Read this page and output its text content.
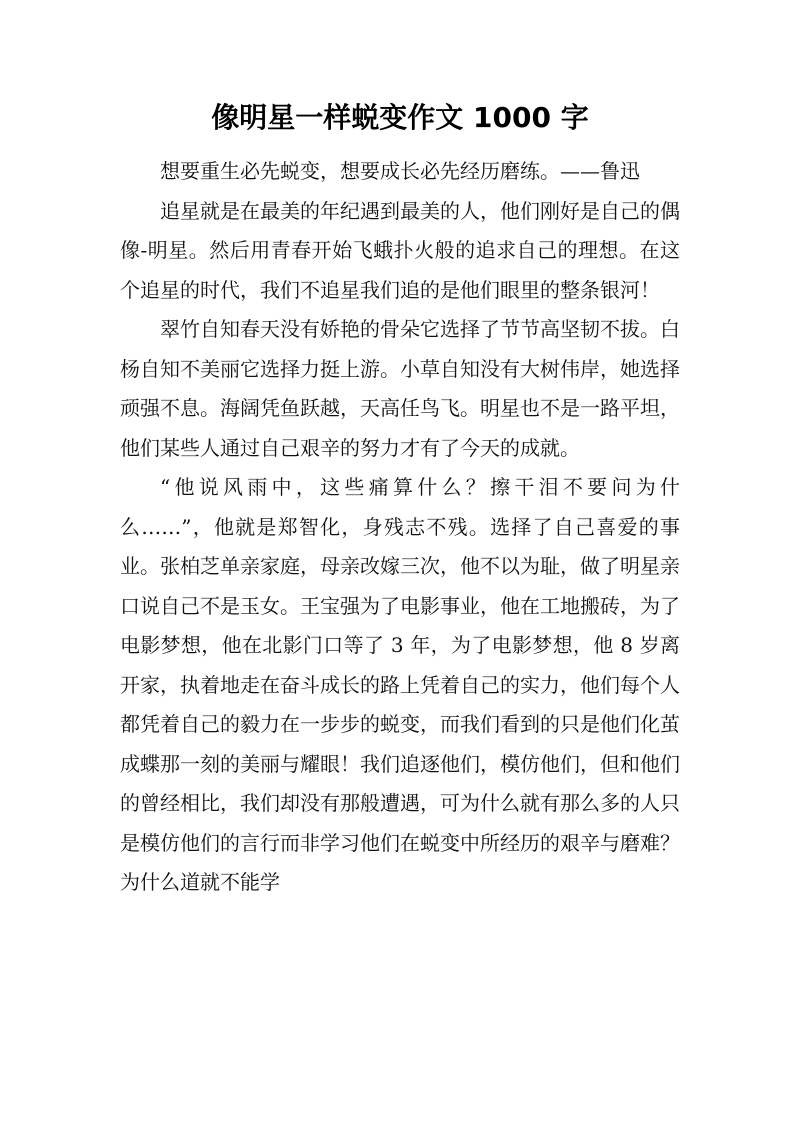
像明星一样蜕变作文 1000 字

想要重生必先蜕变，想要成长必先经历磨练。——鲁迅

追星就是在最美的年纪遇到最美的人，他们刚好是自己的偶像-明星。然后用青春开始飞蛾扑火般的追求自己的理想。在这个追星的时代，我们不追星我们追的是他们眼里的整条银河！

翠竹自知春天没有娇艳的骨朵它选择了节节高坚韧不拔。白杨自知不美丽它选择力挺上游。小草自知没有大树伟岸，她选择顽强不息。海阔凭鱼跃越，天高任鸟飞。明星也不是一路平坦，他们某些人通过自己艰辛的努力才有了今天的成就。

“他说风雨中，这些痛算什么？擦干泪不要问为什么……”，他就是郑智化，身残志不残。选择了自己喜爱的事业。张柏芝单亲家庭，母亲改嫁三次，他不以为耻，做了明星亲口说自己不是玉女。王宝强为了电影事业，他在工地搬砖，为了电影梦想，他在北影门口等了 3 年，为了电影梦想，他 8 岁离开家，执着地走在奋斗成长的路上凭着自己的实力，他们每个人都凭着自己的毅力在一步步的蜕变，而我们看到的只是他们化茧成蝶那一刻的美丽与耀眼！我们追逐他们，模仿他们，但和他们的曾经相比，我们却没有那般遭遇，可为什么就有那么多的人只是模仿他们的言行而非学习他们在蜕变中所经历的艰辛与磨难？为什么道就不能学
